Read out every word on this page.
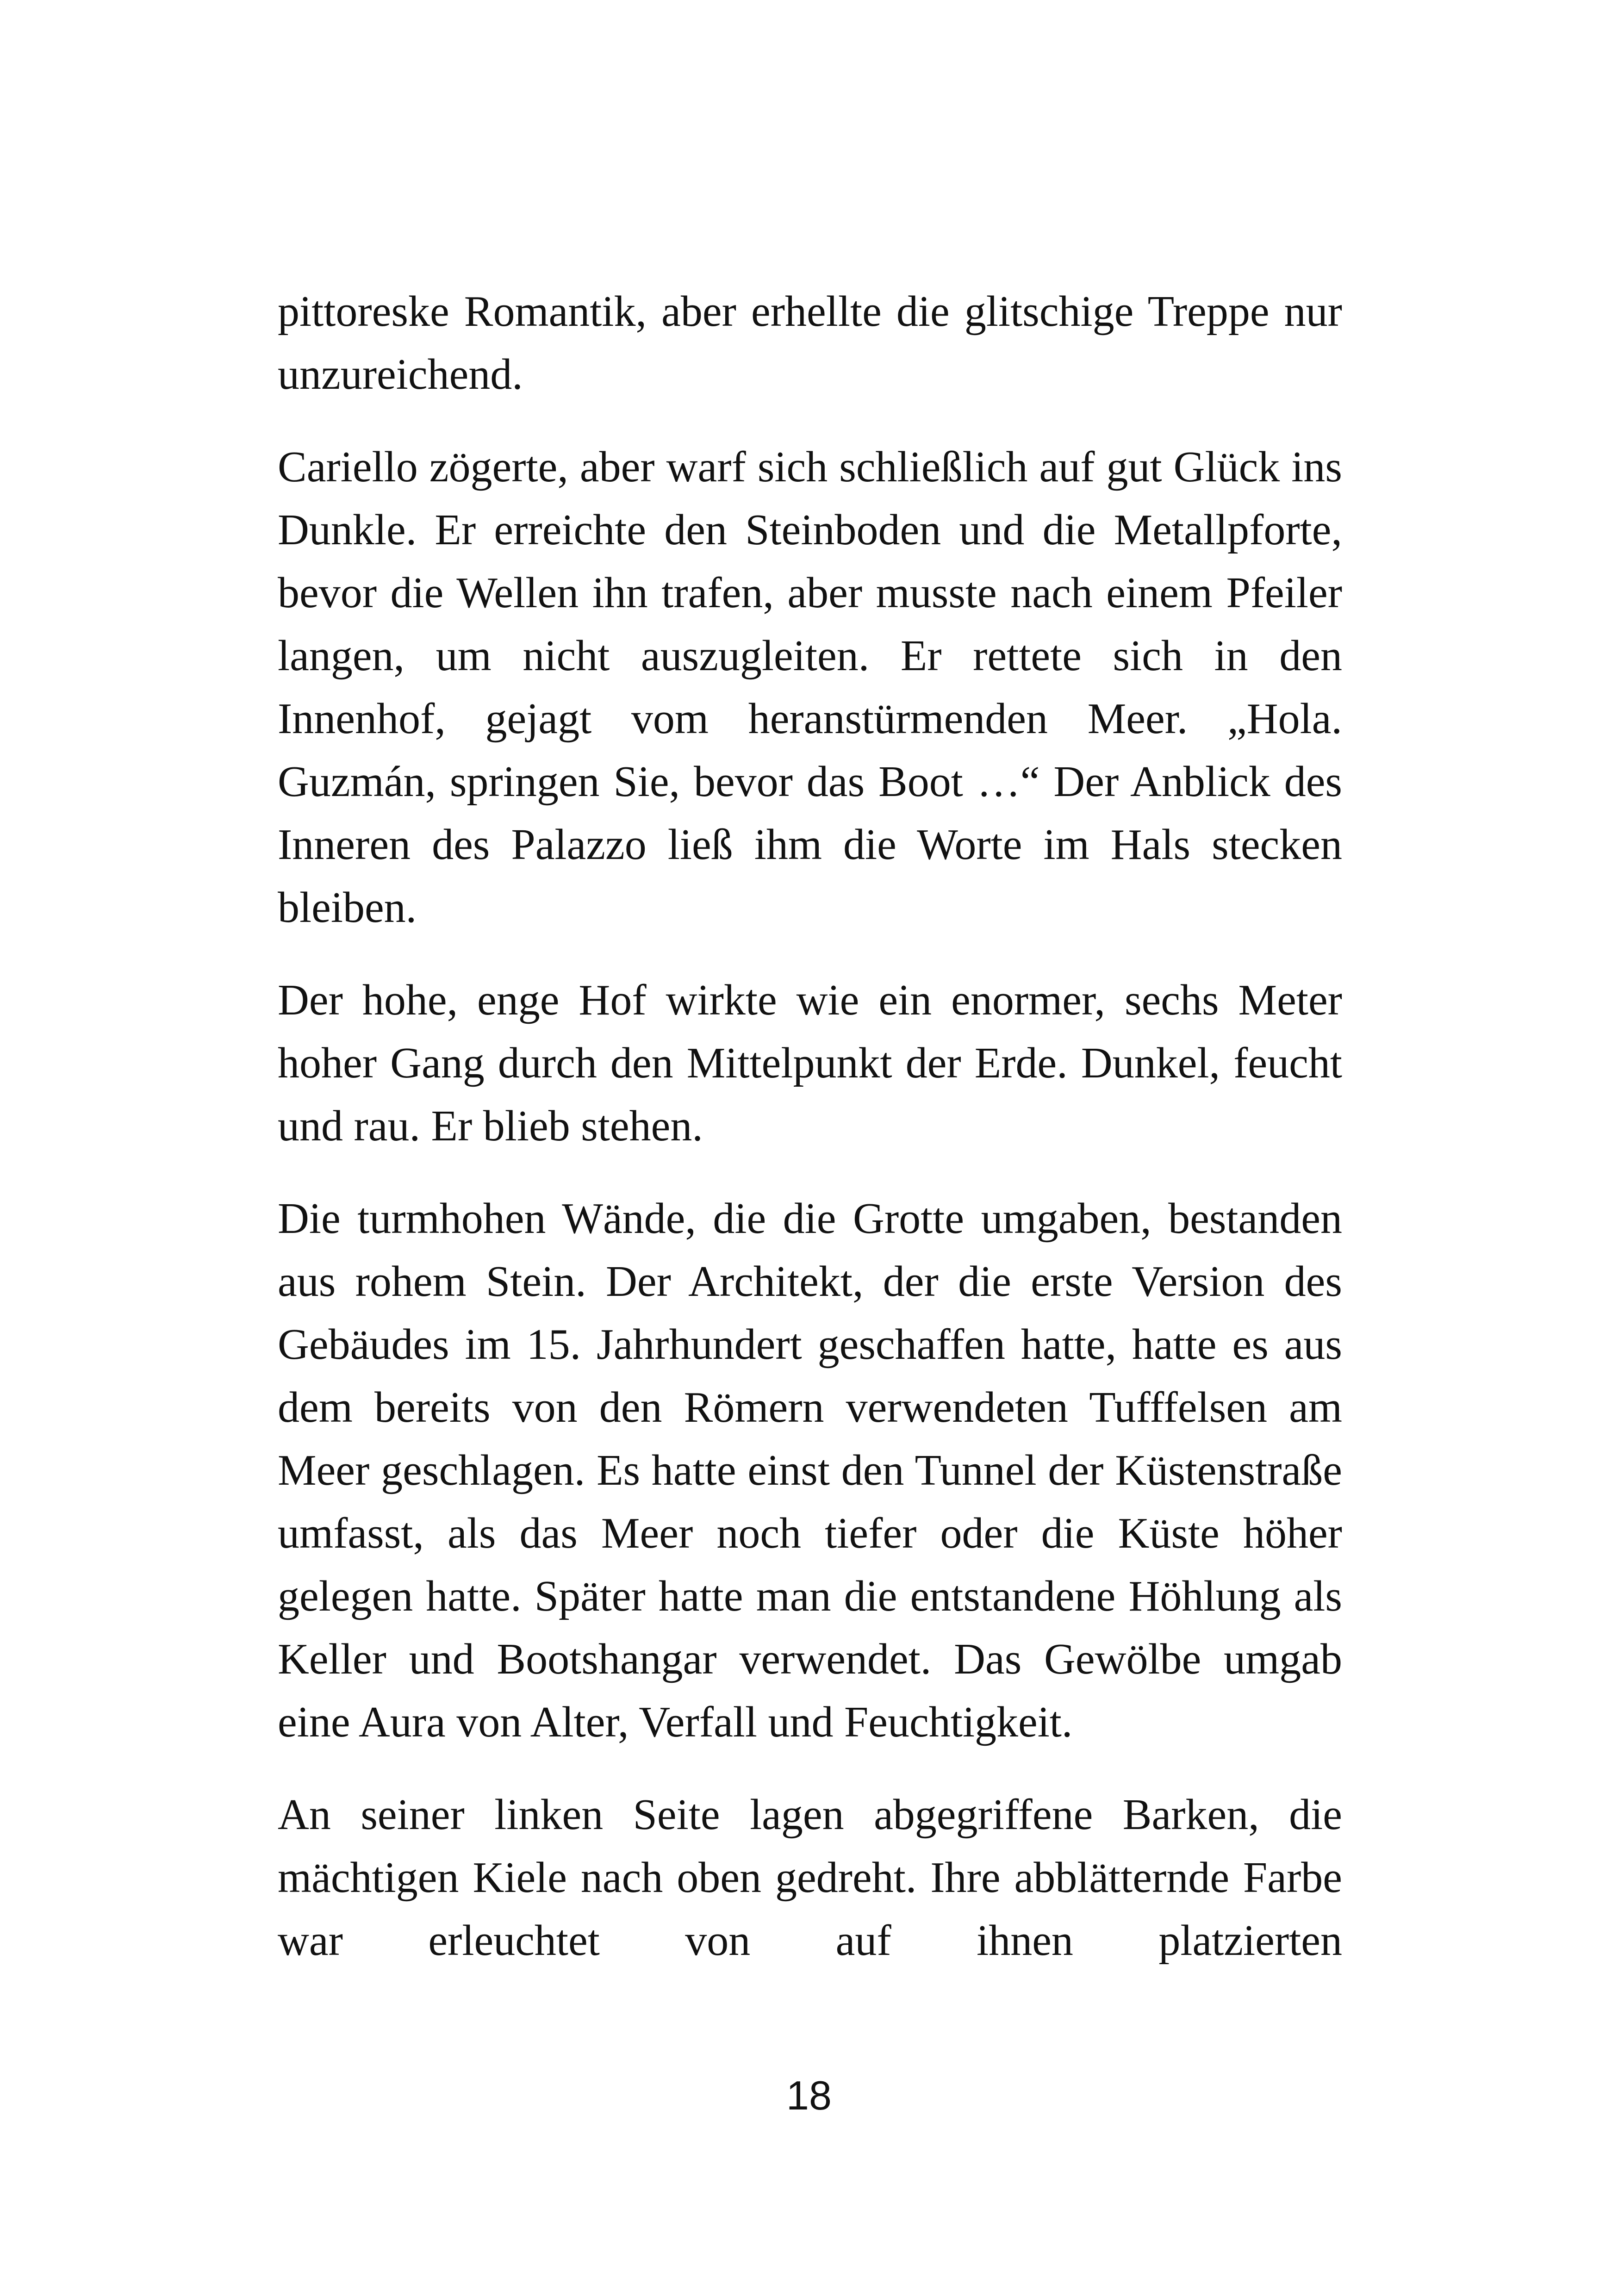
pittoreske Romantik, aber erhellte die glitschige Treppe nur unzureichend.

Cariello zögerte, aber warf sich schließlich auf gut Glück ins Dunkle. Er erreichte den Steinboden und die Metallpforte, bevor die Wellen ihn trafen, aber musste nach einem Pfeiler langen, um nicht auszugleiten. Er rettete sich in den Innenhof, gejagt vom heranstürmenden Meer. „Hola. Guzmán, springen Sie, bevor das Boot …“ Der Anblick des Inneren des Palazzo ließ ihm die Worte im Hals stecken bleiben.

Der hohe, enge Hof wirkte wie ein enormer, sechs Meter hoher Gang durch den Mittelpunkt der Erde. Dunkel, feucht und rau. Er blieb stehen.

Die turmhohen Wände, die die Grotte umgaben, bestanden aus rohem Stein. Der Architekt, der die erste Version des Gebäudes im 15. Jahrhundert geschaffen hatte, hatte es aus dem bereits von den Römern verwendeten Tufffelsen am Meer geschlagen. Es hatte einst den Tunnel der Küstenstraße umfasst, als das Meer noch tiefer oder die Küste höher gelegen hatte. Später hatte man die entstandene Höhlung als Keller und Bootshangar verwendet. Das Gewölbe umgab eine Aura von Alter, Verfall und Feuchtigkeit.

An seiner linken Seite lagen abgegriffene Barken, die mächtigen Kiele nach oben gedreht. Ihre abblätternde Farbe war erleuchtet von auf ihnen platzierten

18
